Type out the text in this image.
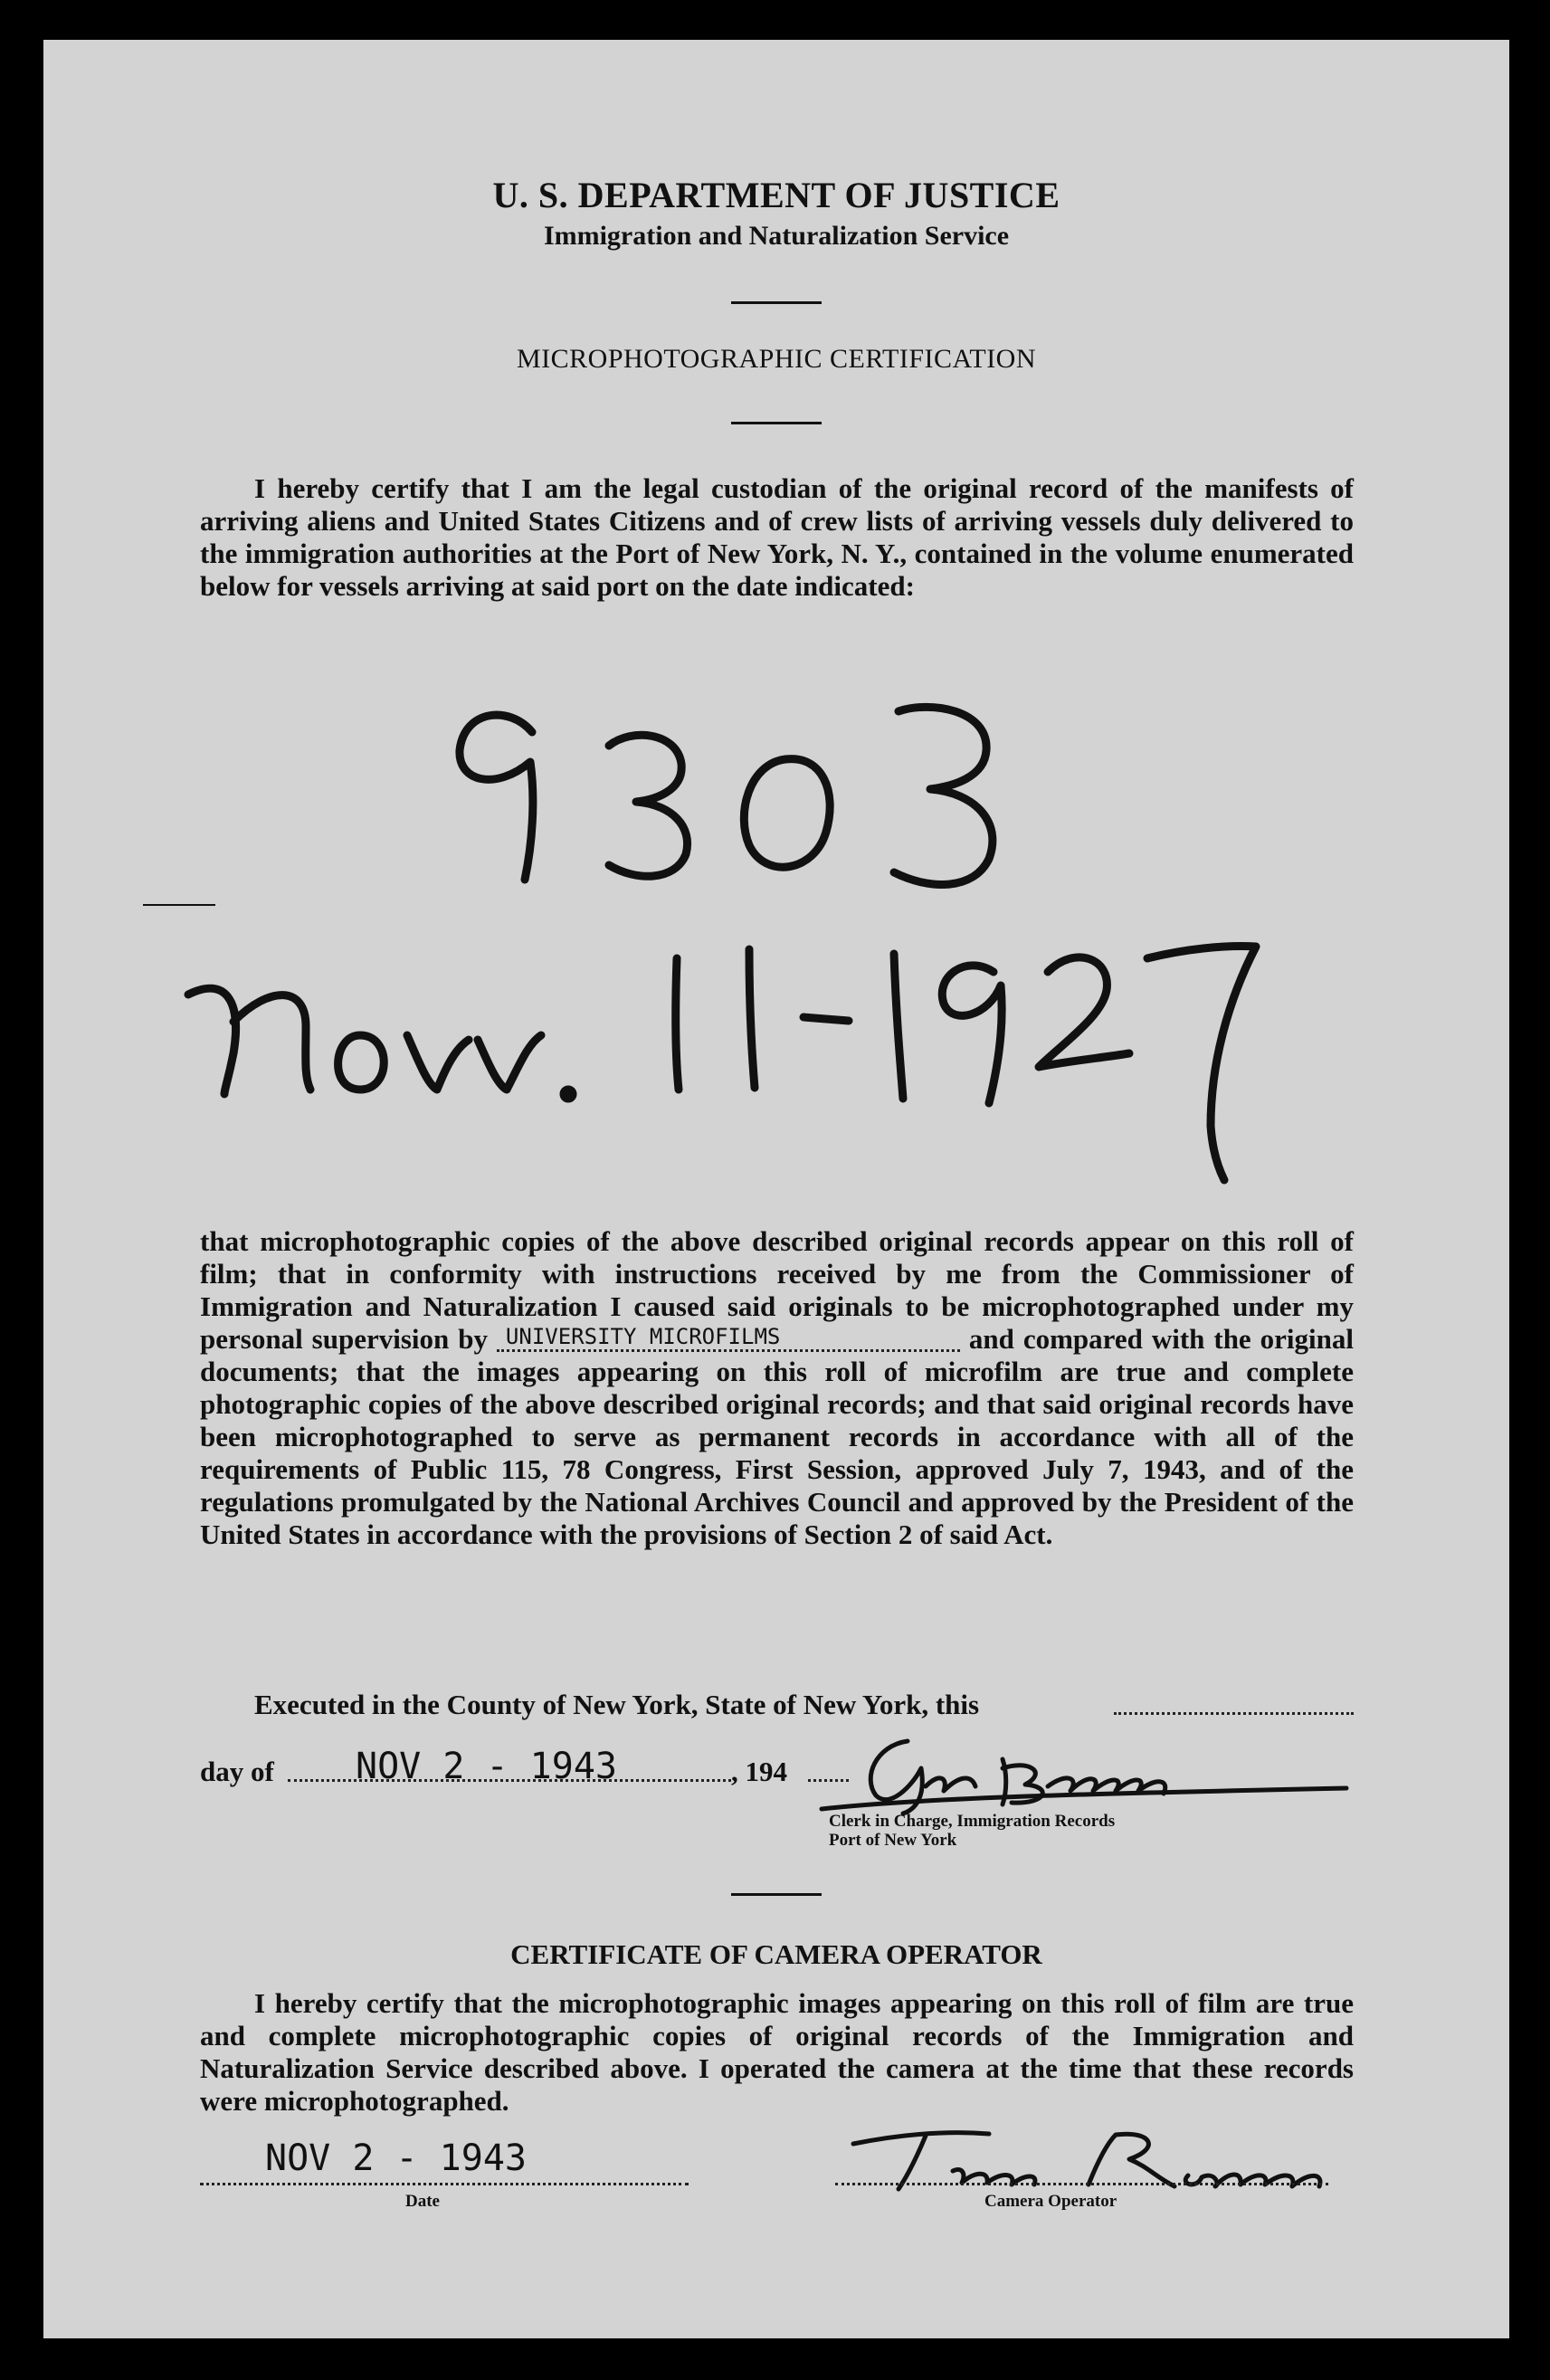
U. S. DEPARTMENT OF JUSTICE
Immigration and Naturalization Service
MICROPHOTOGRAPHIC CERTIFICATION
I hereby certify that I am the legal custodian of the original record of the manifests of arriving aliens and United States Citizens and of crew lists of arriving vessels duly delivered to the immigration authorities at the Port of New York, N. Y., contained in the volume enumerated below for vessels arriving at said port on the date indicated:
that microphotographic copies of the above described original records appear on this roll of film; that in conformity with instructions received by me from the Commissioner of Immigration and Naturalization I caused said originals to be microphotographed under my personal supervision by UNIVERSITY MICROFILMS	and compared with the original documents; that the images appearing on this roll of microfilm are true and complete photographic copies of the above described original records; and that said original records have been microphotographed to serve as permanent records in accordance with all of the requirements of Public 115, 78 Congress, First Session, approved July 7, 1943, and of the regulations promulgated by the National Archives Council and approved by the President of the United States in accordance with the provisions of Section 2 of said Act.
Executed in the County of New York, State of New York, this
day of NOV 2 - 1943	, 194
Clerk in Charge, Immigration Records
Port of New York
CERTIFICATE OF CAMERA OPERATOR
I hereby certify that the microphotographic images appearing on this roll of film are true and complete microphotographic copies of original records of the Immigration and Naturalization Service described above. I operated the camera at the time that these records were microphotographed.
NOV 2 - 1943
Date	Camera Operator
